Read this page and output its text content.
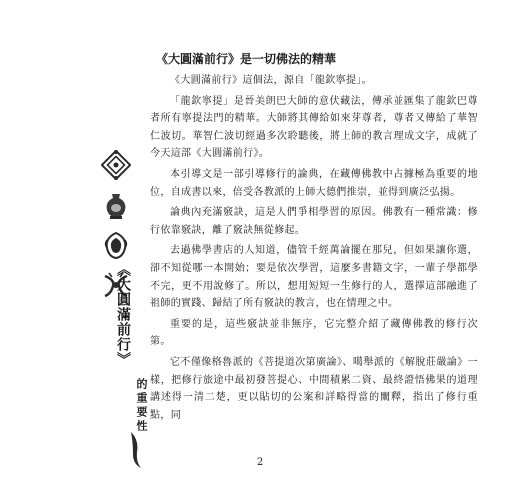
《大圓滿前行》
的重要性
《大圓滿前行》是一切佛法的精華

《大圓滿前行》這個法，源自「龍欽寧提」。

「龍欽寧提」是晉美朗巴大師的意伏藏法，傳承並匯集了龍欽巴尊者所有寧提法門的精華。大師將其傳給如來芽尊者，尊者又傳給了華智仁波切。華智仁波切經過多次聆聽後，將上師的教言理成文字，成就了今天這部《大圓滿前行》。

本引導文是一部引導修行的論典，在藏傳佛教中占據極為重要的地位，自成書以來，倍受各教派的上師大德們推崇，並得到廣泛弘揚。

論典內充滿竅訣，這是人們爭相學習的原因。佛教有一種常識：修行依靠竅訣，離了竅訣無從修起。

去過佛學書店的人知道，儘管千經萬論擺在那兒，但如果讓你選，卻不知從哪一本開始；要是依次學習，這麼多書籍文字，一輩子學都學不完，更不用說修了。所以，想用短短一生修行的人，選擇這部融進了祖師的實踐、歸結了所有竅訣的教言，也在情理之中。

重要的是，這些竅訣並非無序，它完整介紹了藏傳佛教的修行次第。

它不僅像格魯派的《菩提道次第廣論》、噶舉派的《解脫莊嚴論》一樣，把修行旅途中最初發菩提心、中間積累二資、最終證悟佛果的道理講述得一清二楚，更以貼切的公案和詳略得當的闡釋，指出了修行重點，同

2
